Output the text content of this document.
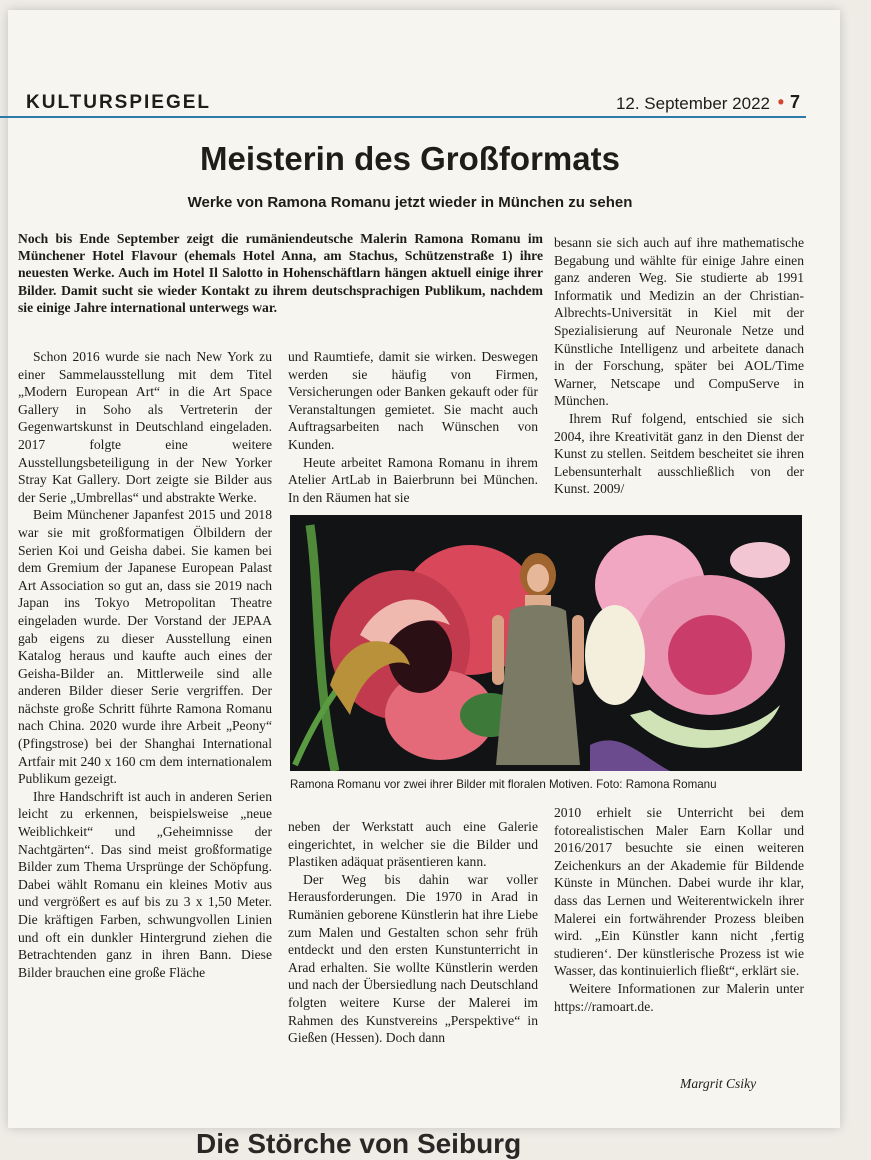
KULTURSPIEGEL	12. September 2022 • 7
Meisterin des Großformats
Werke von Ramona Romanu jetzt wieder in München zu sehen
Noch bis Ende September zeigt die rumäniendeutsche Malerin Ramona Romanu im Münchener Hotel Flavour (ehemals Hotel Anna, am Stachus, Schützenstraße 1) ihre neuesten Werke. Auch im Hotel Il Salotto in Hohenschäftlarn hängen aktuell einige ihrer Bilder. Damit sucht sie wieder Kontakt zu ihrem deutschsprachigen Publikum, nachdem sie einige Jahre international unterwegs war.

Schon 2016 wurde sie nach New York zu einer Sammelausstellung mit dem Titel „Modern European Art“ in die Art Space Gallery in Soho als Vertreterin der Gegenwartskunst in Deutschland eingeladen. 2017 folgte eine weitere Ausstellungsbeteiligung in der New Yorker Stray Kat Gallery. Dort zeigte sie Bilder aus der Serie „Umbrellas“ und abstrakte Werke.

Beim Münchener Japanfest 2015 und 2018 war sie mit großformatigen Ölbildern der Serien Koi und Geisha dabei. Sie kamen bei dem Gremium der Japanese European Palast Art Association so gut an, dass sie 2019 nach Japan ins Tokyo Metropolitan Theatre eingeladen wurde. Der Vorstand der JEPAA gab eigens zu dieser Ausstellung einen Katalog heraus und kaufte auch eines der Geisha-Bilder an. Mittlerweile sind alle anderen Bilder dieser Serie vergriffen. Der nächste große Schritt führte Ramona Romanu nach China. 2020 wurde ihre Arbeit „Peony“ (Pfingstrose) bei der Shanghai International Artfair mit 240 x 160 cm dem internationalem Publikum gezeigt.

Ihre Handschrift ist auch in anderen Serien leicht zu erkennen, beispielsweise „neue Weiblichkeit“ und „Geheimnisse der Nachtgärten“. Das sind meist großformatige Bilder zum Thema Ursprünge der Schöpfung. Dabei wählt Romanu ein kleines Motiv aus und vergrößert es auf bis zu 3 x 1,50 Meter. Die kräftigen Farben, schwungvollen Linien und oft ein dunkler Hintergrund ziehen die Betrachtenden ganz in ihren Bann. Diese Bilder brauchen eine große Fläche

und Raumtiefe, damit sie wirken. Deswegen werden sie häufig von Firmen, Versicherungen oder Banken gekauft oder für Veranstaltungen gemietet. Sie macht auch Auftragsarbeiten nach Wünschen von Kunden.

Heute arbeitet Ramona Romanu in ihrem Atelier ArtLab in Baierbrunn bei München. In den Räumen hat sie

besann sie sich auch auf ihre mathematische Begabung und wählte für einige Jahre einen ganz anderen Weg. Sie studierte ab 1991 Informatik und Medizin an der Christian-Albrechts-Universität in Kiel mit der Spezialisierung auf Neuronale Netze und Künstliche Intelligenz und arbeitete danach in der Forschung, später bei AOL/Time Warner, Netscape und CompuServe in München.

Ihrem Ruf folgend, entschied sie sich 2004, ihre Kreativität ganz in den Dienst der Kunst zu stellen. Seitdem bescheitet sie ihren Lebensunterhalt ausschließlich von der Kunst. 2009/

Ramona Romanu vor zwei ihrer Bilder mit floralen Motiven. Foto: Ramona Romanu

neben der Werkstatt auch eine Galerie eingerichtet, in welcher sie die Bilder und Plastiken adäquat präsentieren kann.

Der Weg bis dahin war voller Herausforderungen. Die 1970 in Arad in Rumänien geborene Künstlerin hat ihre Liebe zum Malen und Gestalten schon sehr früh entdeckt und den ersten Kunstunterricht in Arad erhalten. Sie wollte Künstlerin werden und nach der Übersiedlung nach Deutschland folgten weitere Kurse der Malerei im Rahmen des Kunstvereins „Perspektive“ in Gießen (Hessen). Doch dann

2010 erhielt sie Unterricht bei dem fotorealistischen Maler Earn Kollar und 2016/2017 besuchte sie einen weiteren Zeichenkurs an der Akademie für Bildende Künste in München. Dabei wurde ihr klar, dass das Lernen und Weiterentwickeln ihrer Malerei ein fortwährender Prozess bleiben wird. „Ein Künstler kann nicht ‚fertig studieren‘. Der künstlerische Prozess ist wie Wasser, das kontinuierlich fließt“, erklärt sie.

Weitere Informationen zur Malerin unter https://ramoart.de.

Margrit Csiky
Die Störche von Seiburg
